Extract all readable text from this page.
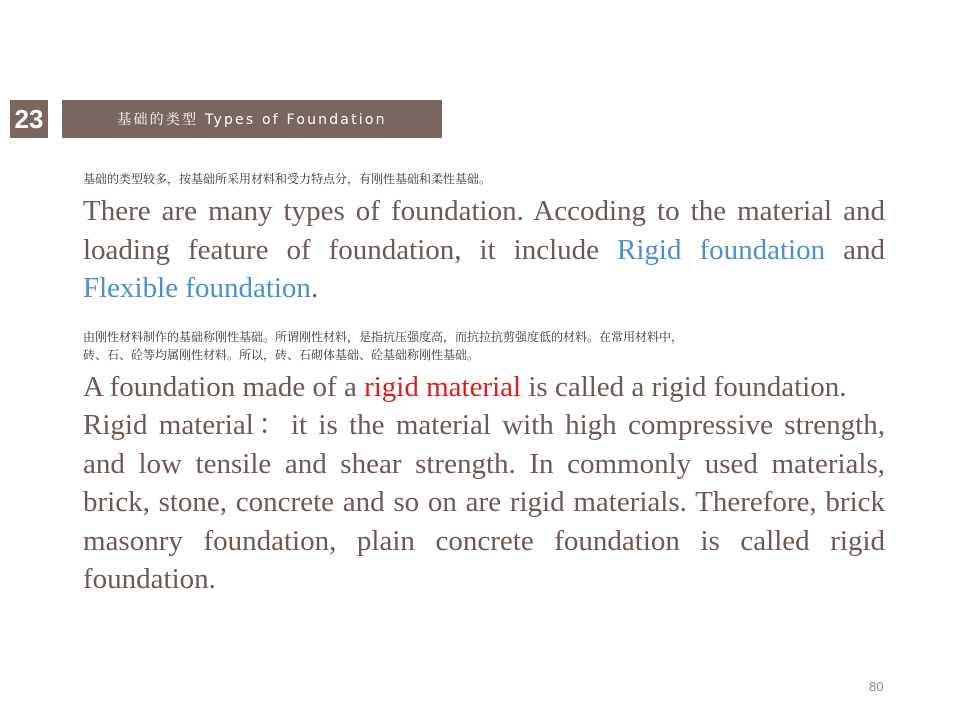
23	基础的类型 Types of Foundation

基础的类型较多，按基础所采用材料和受力特点分，有刚性基础和柔性基础。

There are many types of foundation. Accoding to the material and loading feature of foundation, it include Rigid foundation and Flexible foundation.

由刚性材料制作的基础称刚性基础。所谓刚性材料，是指抗压强度高，而抗拉抗剪强度低的材料。在常用材料中，
砖、石、砼等均属刚性材料。所以，砖、石砌体基础、砼基础称刚性基础。

A foundation made of a rigid material is called a rigid foundation.

Rigid material：it is the material with high compressive strength, and low tensile and shear strength. In commonly used materials, brick, stone, concrete and so on are rigid materials. Therefore, brick masonry foundation, plain concrete foundation is called rigid foundation.

80
